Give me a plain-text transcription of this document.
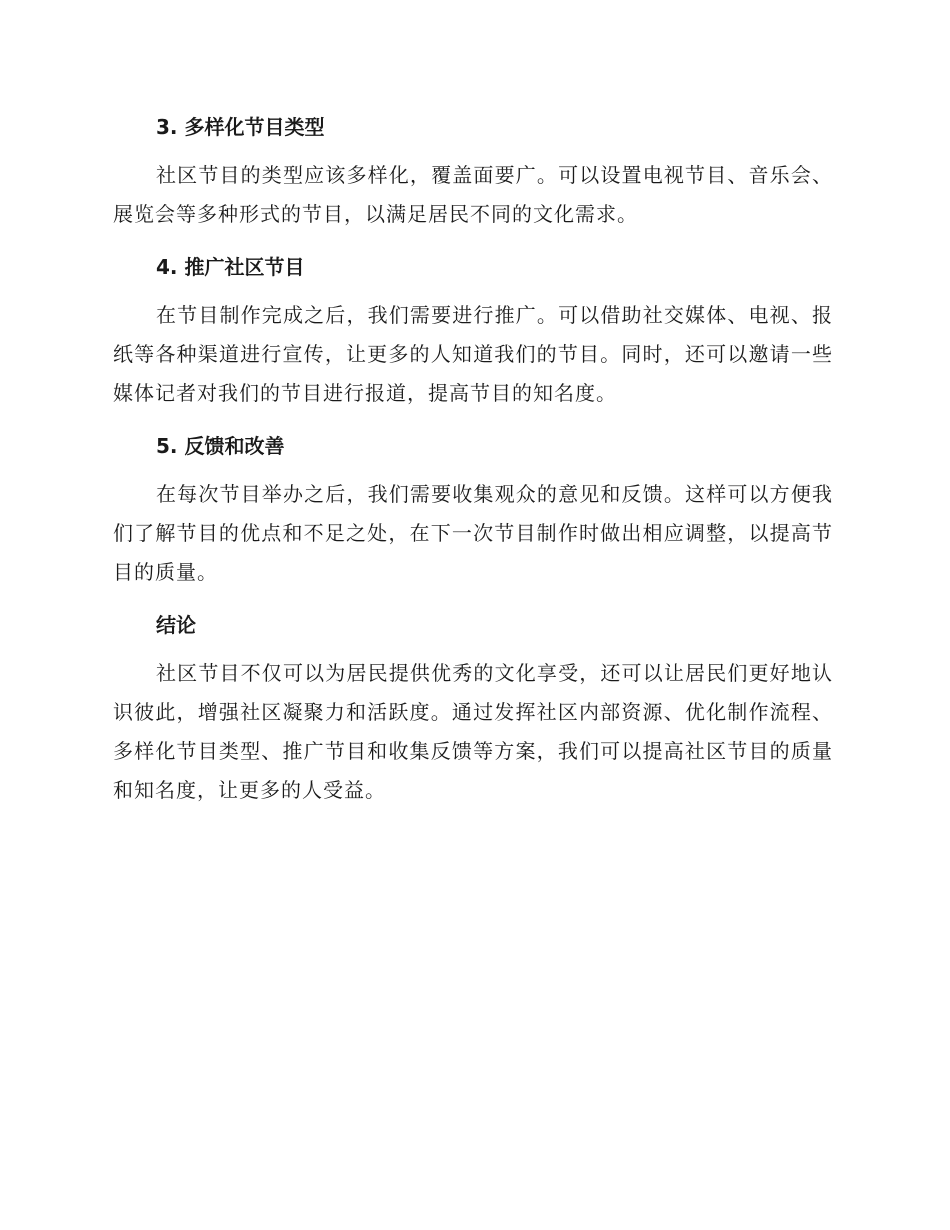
3. 多样化节目类型

社区节目的类型应该多样化，覆盖面要广。可以设置电视节目、音乐会、展览会等多种形式的节目，以满足居民不同的文化需求。

4. 推广社区节目

在节目制作完成之后，我们需要进行推广。可以借助社交媒体、电视、报纸等各种渠道进行宣传，让更多的人知道我们的节目。同时，还可以邀请一些媒体记者对我们的节目进行报道，提高节目的知名度。

5. 反馈和改善

在每次节目举办之后，我们需要收集观众的意见和反馈。这样可以方便我们了解节目的优点和不足之处，在下一次节目制作时做出相应调整，以提高节目的质量。

结论

社区节目不仅可以为居民提供优秀的文化享受，还可以让居民们更好地认识彼此，增强社区凝聚力和活跃度。通过发挥社区内部资源、优化制作流程、多样化节目类型、推广节目和收集反馈等方案，我们可以提高社区节目的质量和知名度，让更多的人受益。
